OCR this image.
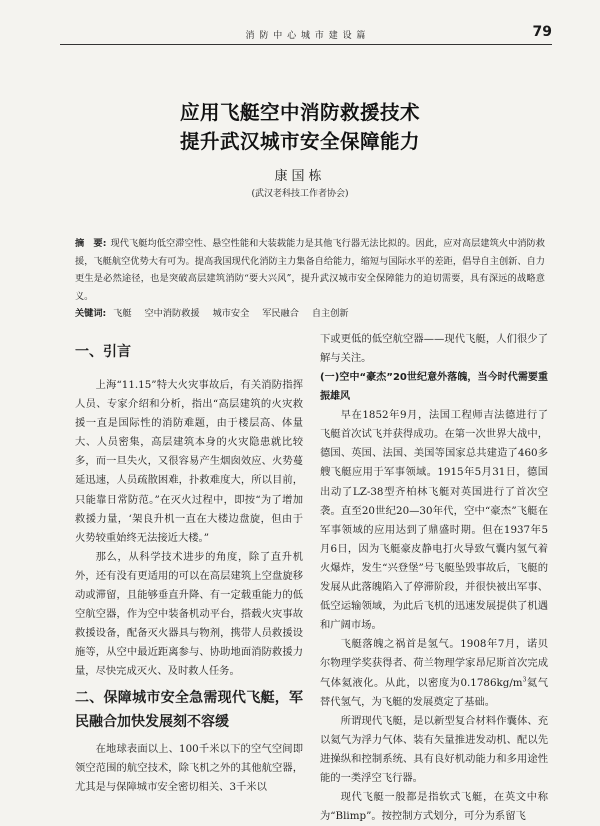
消 防 中 心 城 市 建 设 篇	79
应用飞艇空中消防救援技术
提升武汉城市安全保障能力
康国栋
(武汉老科技工作者协会)
摘　要: 现代飞艇均低空滞空性、悬空性能和大装载能力是其他飞行器无法比拟的。因此，应对高层建筑火中消防救援，飞艇航空优势大有可为。提高我国现代化消防主力集备自给能力，缩短与国际水平的差距，倡导自主创新、自力更生是必然途径，也是突破高层建筑消防“要大兴风”，提升武汉城市安全保障能力的迫切需要，具有深远的战略意义。
关键词: 飞艇 空中消防救援 城市安全 军民融合 自主创新
一、引言

上海“11.15”特大火灾事故后，有关消防指挥人员、专家介绍和分析，指出“高层建筑的火灾救援一直是国际性的消防难题，由于楼层高、体量大、人员密集，高层建筑本身的火灾隐患就比较多，而一旦失火，又很容易产生烟囱效应、火势蔓延迅速，人员疏散困难，扑救难度大，所以目前，只能靠日常防范。”在灭火过程中，即按“为了增加救援力量，‘架良升机一直在大楼边盘旋，但由于火势较重始终无法接近大楼。”

那么，从科学技术进步的角度，除了直升机外，还有没有更适用的可以在高层建筑上空盘旋移动或滞留，且能够垂直升降、有一定载重能力的低空航空器，作为空中装备机动平台，搭载火灾事故救援设备，配备灭火器具与物剂，携带人员救援设施等，从空中最近距离参与、协助地面消防救援力量，尽快完成灭火、及时救人任务。

二、保障城市安全急需现代飞艇，军民融合加快发展刻不容缓

在地球表面以上、100千米以下的空气空间即领空范围的航空技术，除飞机之外的其他航空器，尤其是与保障城市安全密切相关、3千米以

下或更低的低空航空器——现代飞艇，人们很少了解与关注。

(一)空中“豪杰”20世纪意外落魄，当今时代需要重振雄风

早在1852年9月，法国工程师吉法德进行了飞艇首次试飞并获得成功。在第一次世界大战中，德国、英国、法国、美国等国家总共建造了460多艘飞艇应用于军事领域。1915年5月31日，德国出动了LZ-38型齐柏林飞艇对英国进行了首次空袭。直至20世纪20—30年代，空中“豪杰”飞艇在军事领域的应用达到了鼎盛时期。但在1937年5月6日，因为飞艇豪皮静电打火导致气囊内氢气着火爆炸，发生“兴登堡”号飞艇坠毁事故后，飞艇的发展从此落魄陷入了停滞阶段，并很快被出军事、低空运输领域，为此后飞机的迅速发展提供了机遇和广阔市场。

飞艇落魄之祸首是氢气。1908年7月，诺贝尔物理学奖获得者、荷兰物理学家昂尼斯首次完成气体氦液化。从此，以密度为$0.1786kg/m^3$氦气替代氢气，为飞艇的发展奠定了基础。

所谓现代飞艇，是以新型复合材料作囊体、充以氦气为浮力气体、装有矢量推进发动机、配以先进操纵和控制系统、具有良好机动能力和多用途性能的一类浮空飞行器。

现代飞艇一般都是指软式飞艇，在英文中称为“Blimp”。按控制方式划分，可分为系留飞
